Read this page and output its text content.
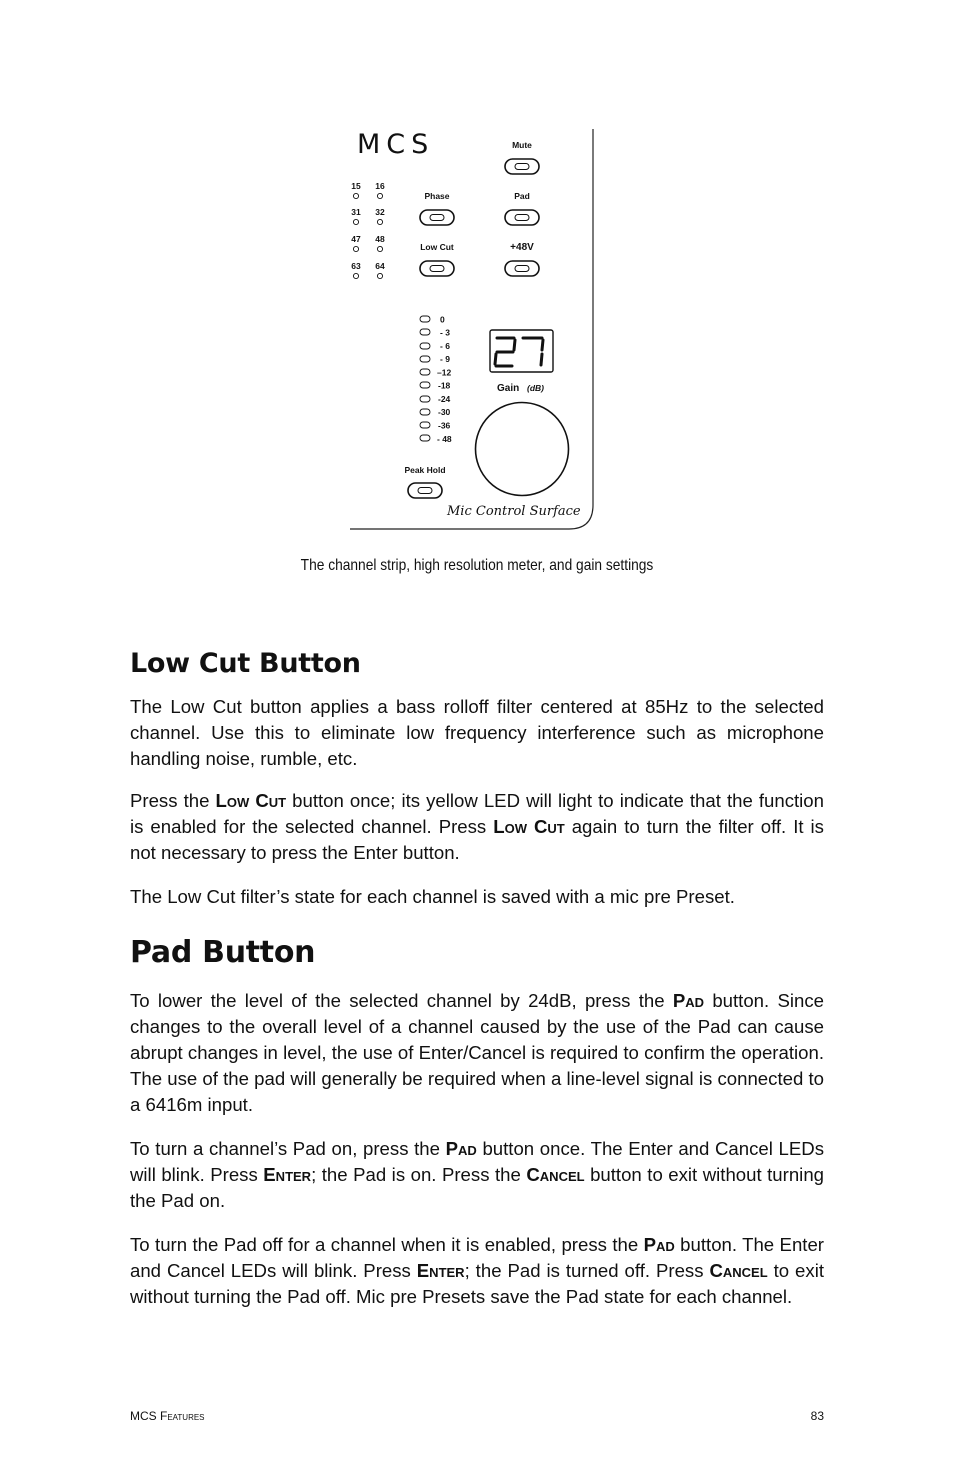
MCS	Mute
Phase	Pad
Low Cut	+48V
15 16
31 32
47 48
63 64
0
- 3
- 6
- 9
–12
-18
-24
-30
-36
- 48
27
Gain (dB)
Peak Hold
Mic Control Surface
The channel strip, high resolution meter, and gain settings
Low Cut Button

The Low Cut button applies a bass rolloff filter centered at 85Hz to the selected channel. Use this to eliminate low frequency interference such as microphone handling noise, rumble, etc.

Press the Low Cut button once; its yellow LED will light to indicate that the function is enabled for the selected channel. Press Low Cut again to turn the filter off. It is not necessary to press the Enter button.

The Low Cut filter’s state for each channel is saved with a mic pre Preset.

Pad Button

To lower the level of the selected channel by 24dB, press the Pad button. Since changes to the overall level of a channel caused by the use of the Pad can cause abrupt changes in level, the use of Enter/Cancel is required to confirm the operation. The use of the pad will generally be required when a line-level signal is connected to a 6416m input.

To turn a channel’s Pad on, press the Pad button once. The Enter and Cancel LEDs will blink. Press Enter; the Pad is on. Press the Cancel button to exit without turning the Pad on.

To turn the Pad off for a channel when it is enabled, press the Pad button. The Enter and Cancel LEDs will blink. Press Enter; the Pad is turned off. Press Cancel to exit without turning the Pad off. Mic pre Presets save the Pad state for each channel.

MCS Features	83
